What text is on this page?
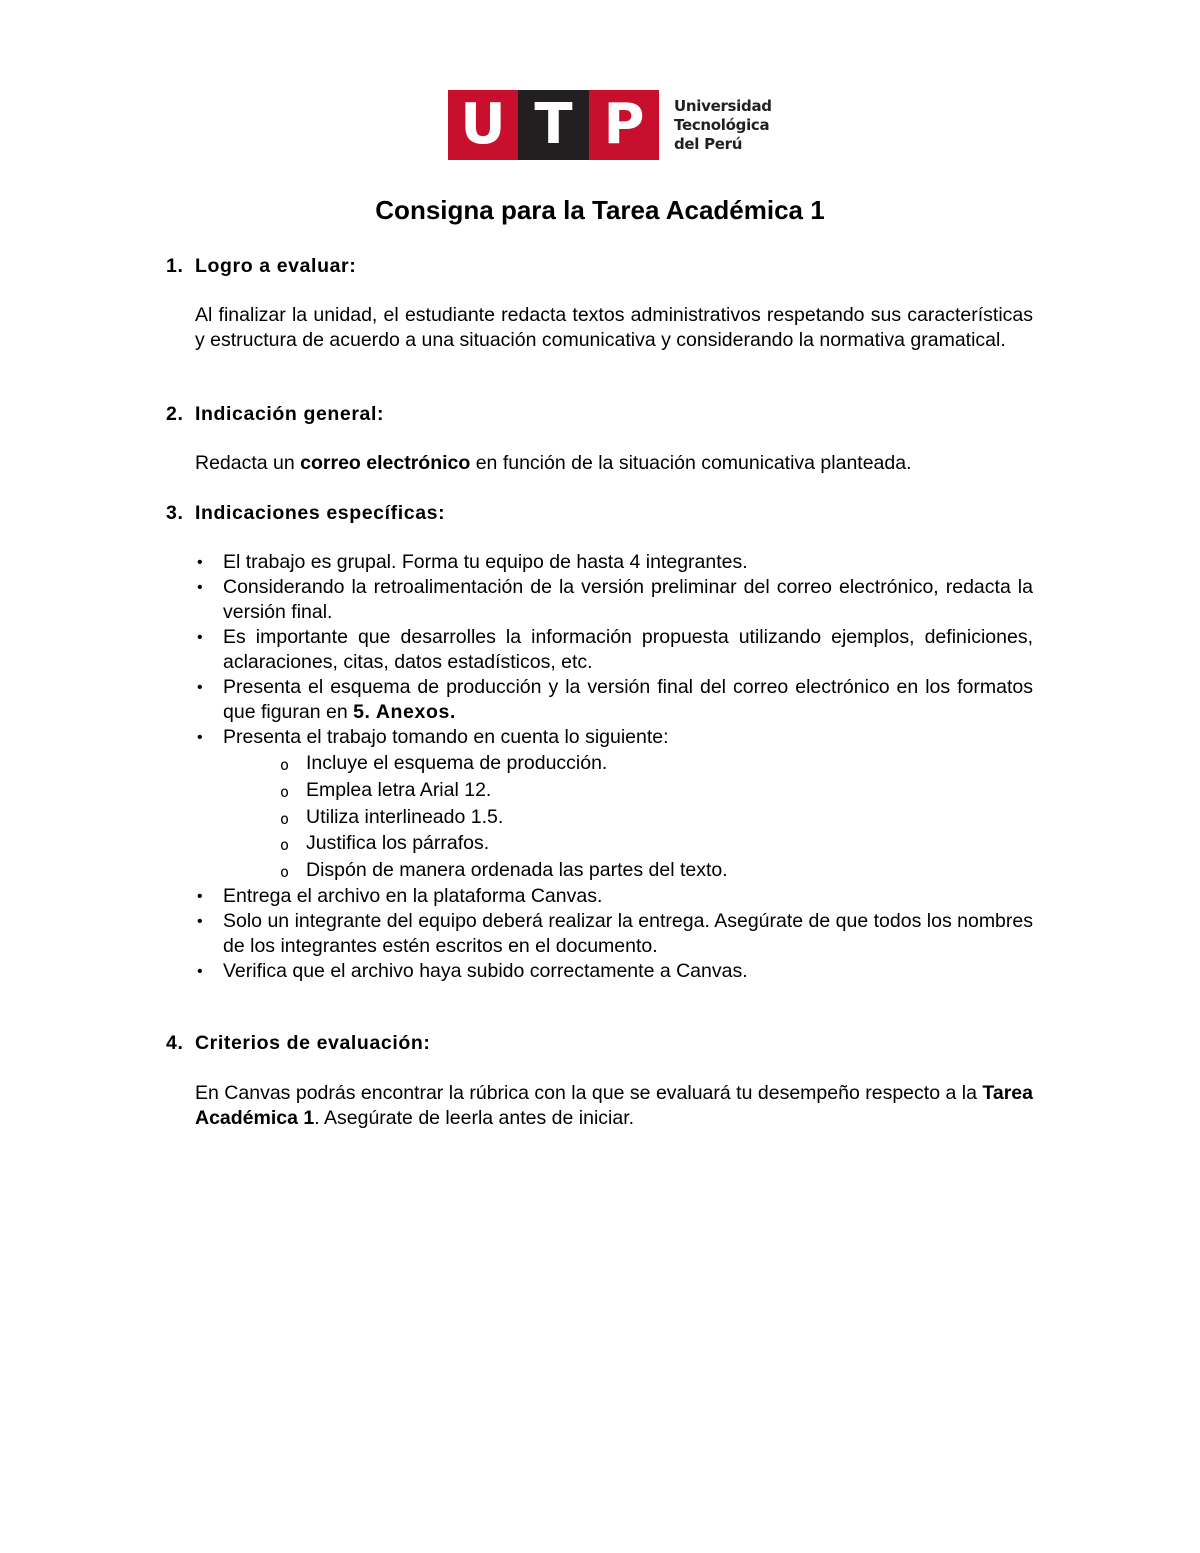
U T P	Universidad
Tecnológica
del Perú
Consigna para la Tarea Académica 1
1. Logro a evaluar:
Al finalizar la unidad, el estudiante redacta textos administrativos respetando sus características y estructura de acuerdo a una situación comunicativa y considerando la normativa gramatical.
2. Indicación general:
Redacta un correo electrónico en función de la situación comunicativa planteada.
3. Indicaciones específicas:
• El trabajo es grupal. Forma tu equipo de hasta 4 integrantes.
• Considerando la retroalimentación de la versión preliminar del correo electrónico, redacta la versión final.
• Es importante que desarrolles la información propuesta utilizando ejemplos, definiciones, aclaraciones, citas, datos estadísticos, etc.
• Presenta el esquema de producción y la versión final del correo electrónico en los formatos que figuran en 5. Anexos.
• Presenta el trabajo tomando en cuenta lo siguiente:
o Incluye el esquema de producción.
o Emplea letra Arial 12.
o Utiliza interlineado 1.5.
o Justifica los párrafos.
o Dispón de manera ordenada las partes del texto.
• Entrega el archivo en la plataforma Canvas.
• Solo un integrante del equipo deberá realizar la entrega. Asegúrate de que todos los nombres de los integrantes estén escritos en el documento.
• Verifica que el archivo haya subido correctamente a Canvas.
4. Criterios de evaluación:
En Canvas podrás encontrar la rúbrica con la que se evaluará tu desempeño respecto a la Tarea Académica 1. Asegúrate de leerla antes de iniciar.
